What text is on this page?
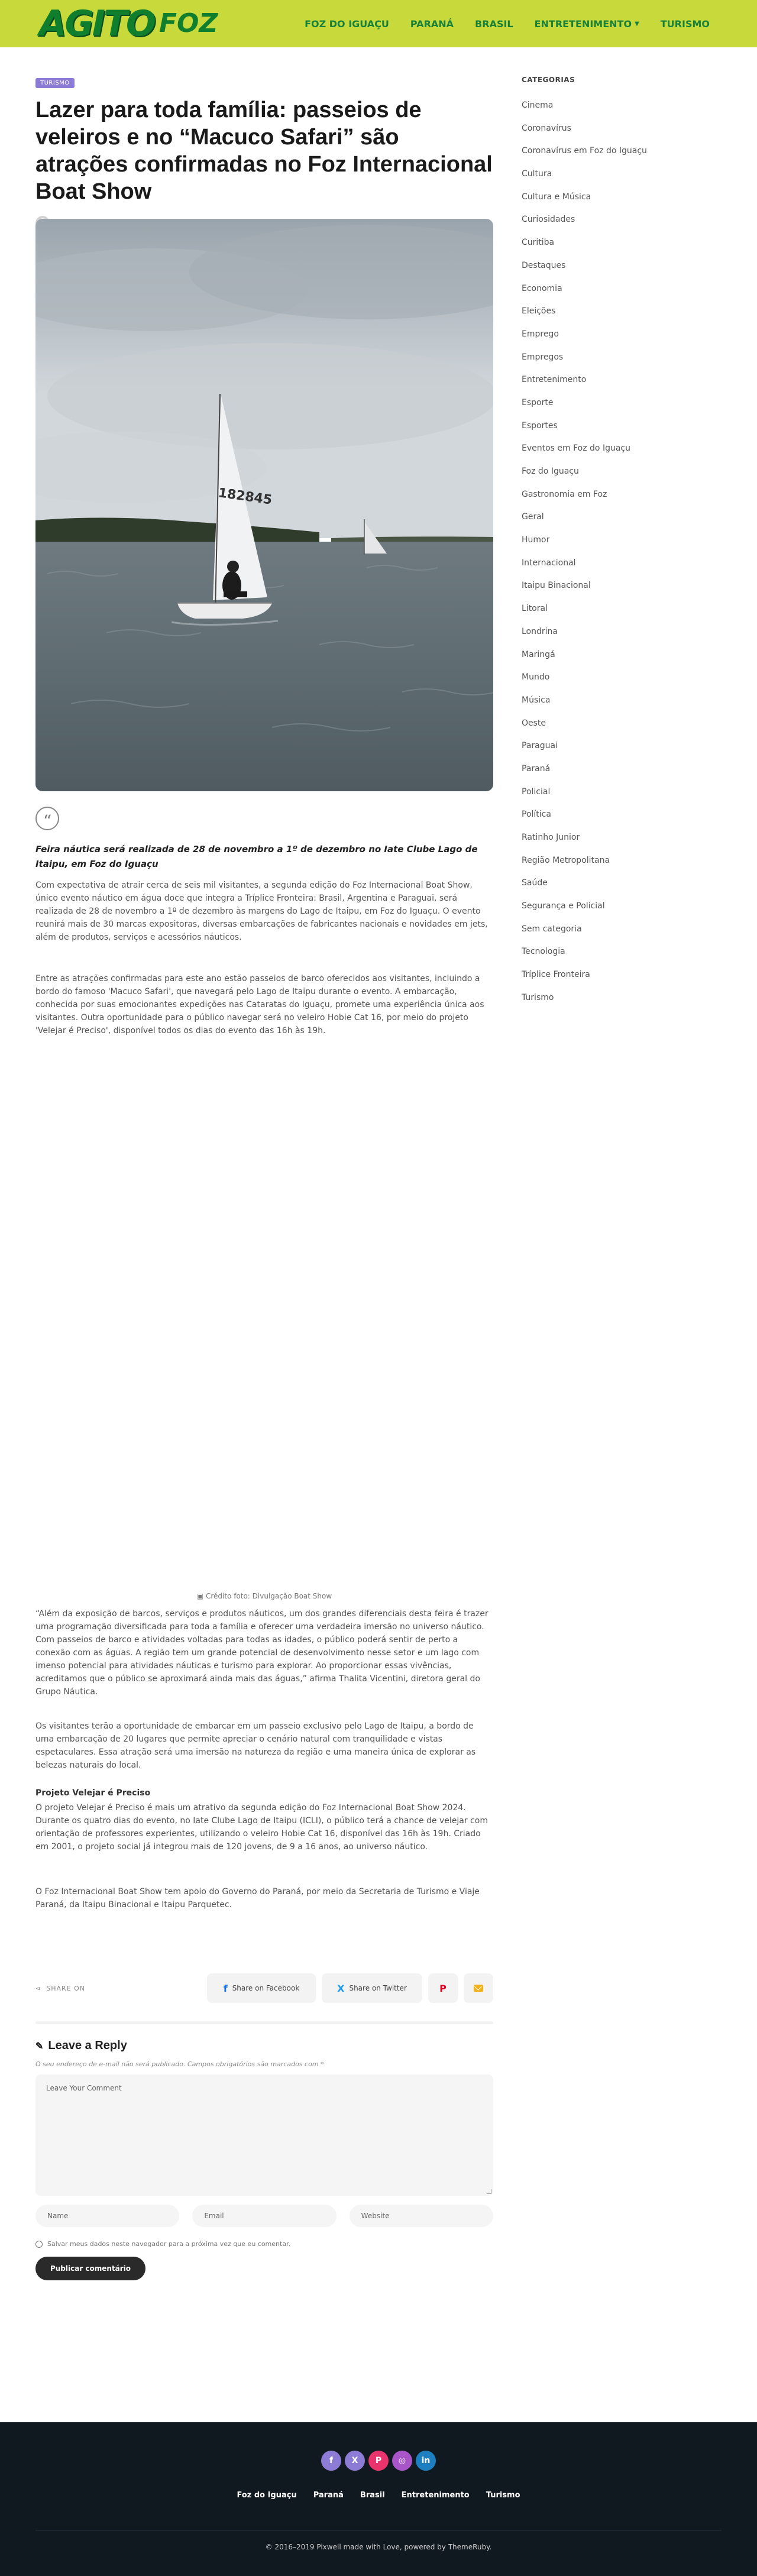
AGITO FOZ	FOZ DO IGUAÇU PARANÁ BRASIL ENTRETENIMENTO ▼ TURISMO
TURISMO
Lazer para toda família: passeios de veleiros e no “Macuco Safari” são atrações confirmadas no Foz Internacional Boat Show
182845
“

Feira náutica será realizada de 28 de novembro a 1º de dezembro no Iate Clube Lago de Itaipu, em Foz do Iguaçu

Com expectativa de atrair cerca de seis mil visitantes, a segunda edição do Foz Internacional Boat Show, único evento náutico em água doce que integra a Tríplice Fronteira: Brasil, Argentina e Paraguai, será realizada de 28 de novembro a 1º de dezembro às margens do Lago de Itaipu, em Foz do Iguaçu. O evento reunirá mais de 30 marcas expositoras, diversas embarcações de fabricantes nacionais e novidades em jets, além de produtos, serviços e acessórios náuticos.

Entre as atrações confirmadas para este ano estão passeios de barco oferecidos aos visitantes, incluindo a bordo do famoso 'Macuco Safari', que navegará pelo Lago de Itaipu durante o evento. A embarcação, conhecida por suas emocionantes expedições nas Cataratas do Iguaçu, promete uma experiência única aos visitantes. Outra oportunidade para o público navegar será no veleiro Hobie Cat 16, por meio do projeto 'Velejar é Preciso', disponível todos os dias do evento das 16h às 19h.

▣ Crédito foto: Divulgação Boat Show

“Além da exposição de barcos, serviços e produtos náuticos, um dos grandes diferenciais desta feira é trazer uma programação diversificada para toda a família e oferecer uma verdadeira imersão no universo náutico. Com passeios de barco e atividades voltadas para todas as idades, o público poderá sentir de perto a conexão com as águas. A região tem um grande potencial de desenvolvimento nesse setor e um lago com imenso potencial para atividades náuticas e turismo para explorar. Ao proporcionar essas vivências, acreditamos que o público se aproximará ainda mais das águas,” afirma Thalita Vicentini, diretora geral do Grupo Náutica.

Os visitantes terão a oportunidade de embarcar em um passeio exclusivo pelo Lago de Itaipu, a bordo de uma embarcação de 20 lugares que permite apreciar o cenário natural com tranquilidade e vistas espetaculares. Essa atração será uma imersão na natureza da região e uma maneira única de explorar as belezas naturais do local.

Projeto Velejar é Preciso

O projeto Velejar é Preciso é mais um atrativo da segunda edição do Foz Internacional Boat Show 2024. Durante os quatro dias do evento, no Iate Clube Lago de Itaipu (ICLI), o público terá a chance de velejar com orientação de professores experientes, utilizando o veleiro Hobie Cat 16, disponível das 16h às 19h. Criado em 2001, o projeto social já integrou mais de 120 jovens, de 9 a 16 anos, ao universo náutico.

O Foz Internacional Boat Show tem apoio do Governo do Paraná, por meio da Secretaria de Turismo e Viaje Paraná, da Itaipu Binacional e Itaipu Parquetec.

⋖ SHARE ON	f Share on Facebook	X Share on Twitter	P
✎ Leave a Reply

O seu endereço de e-mail não será publicado. Campos obrigatórios são marcados com *

Leave Your Comment
Name	Email	Website
Salvar meus dados neste navegador para a próxima vez que eu comentar.
Publicar comentário
CATEGORIAS
Cinema
Coronavírus
Coronavírus em Foz do Iguaçu
Cultura
Cultura e Música
Curiosidades
Curitiba
Destaques
Economia
Eleições
Emprego
Empregos
Entretenimento
Esporte
Esportes
Eventos em Foz do Iguaçu
Foz do Iguaçu
Gastronomia em Foz
Geral
Humor
Internacional
Itaipu Binacional
Litoral
Londrina
Maringá
Mundo
Música
Oeste
Paraguai
Paraná
Policial
Política
Ratinho Junior
Região Metropolitana
Saúde
Segurança e Policial
Sem categoria
Tecnologia
Tríplice Fronteira
Turismo
f	X	P	◎	in
Foz do Iguaçu Paraná Brasil Entretenimento Turismo
© 2016–2019 Pixwell made with Love, powered by ThemeRuby.
